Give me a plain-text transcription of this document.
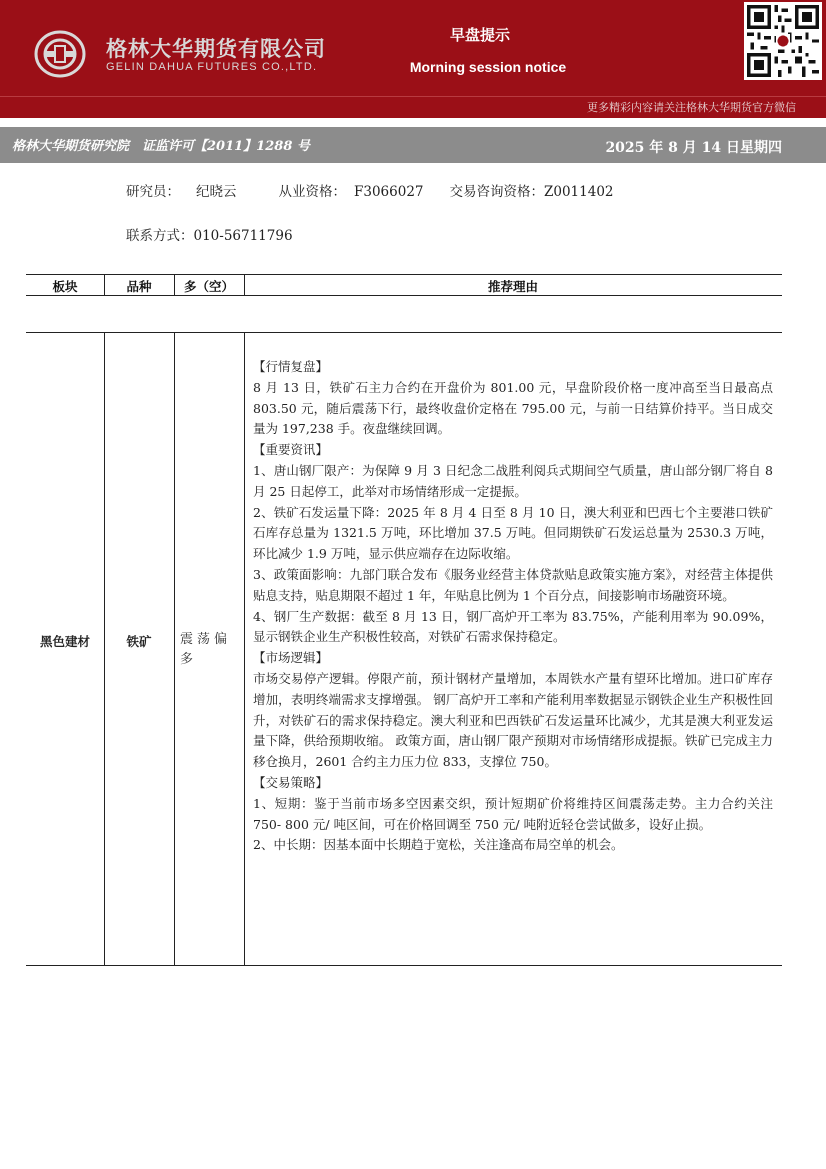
格林大华期货有限公司
GELIN DAHUA FUTURES CO.,LTD.
早盘提示
Morning session notice
更多精彩内容请关注格林大华期货官方微信
格林大华期货研究院　证监许可【2011】1288 号	2025 年 8 月 14 日星期四
研究员： 纪晓云	从业资格： F3066027 交易咨询资格：Z0011402
联系方式：010-56711796
板块	品种	多（空）	推荐理由
黑色建材	铁矿	震荡偏多

【行情复盘】

8 月 13 日，铁矿石主力合约在开盘价为 801.00 元，早盘阶段价格一度冲高至当日最高点 803.50 元，随后震荡下行，最终收盘价定格在 795.00 元，与前一日结算价持平。当日成交量为 197,238 手。夜盘继续回调。

【重要资讯】

1、唐山钢厂限产：为保障 9 月 3 日纪念二战胜利阅兵式期间空气质量，唐山部分钢厂将自 8 月 25 日起停工，此举对市场情绪形成一定提振。

2、铁矿石发运量下降：2025 年 8 月 4 日至 8 月 10 日，澳大利亚和巴西七个主要港口铁矿石库存总量为 1321.5 万吨，环比增加 37.5 万吨。但同期铁矿石发运总量为 2530.3 万吨，环比减少 1.9 万吨，显示供应端存在边际收缩。

3、政策面影响：九部门联合发布《服务业经营主体贷款贴息政策实施方案》，对经营主体提供贴息支持，贴息期限不超过 1 年，年贴息比例为 1 个百分点，间接影响市场融资环境。

4、钢厂生产数据：截至 8 月 13 日，钢厂高炉开工率为 83.75%，产能利用率为 90.09%，显示钢铁企业生产积极性较高，对铁矿石需求保持稳定。

【市场逻辑】

市场交易停产逻辑。停限产前，预计钢材产量增加，本周铁水产量有望环比增加。进口矿库存增加，表明终端需求支撑增强。 钢厂高炉开工率和产能利用率数据显示钢铁企业生产积极性回升，对铁矿石的需求保持稳定。澳大利亚和巴西铁矿石发运量环比减少，尤其是澳大利亚发运量下降，供给预期收缩。 政策方面，唐山钢厂限产预期对市场情绪形成提振。铁矿已完成主力移仓换月，2601 合约主力压力位 833，支撑位 750。

【交易策略】

1、短期：鉴于当前市场多空因素交织，预计短期矿价将维持区间震荡走势。主力合约关注 750- 800 元/ 吨区间，可在价格回调至 750 元/ 吨附近轻仓尝试做多，设好止损。

2、中长期：因基本面中长期趋于宽松，关注逢高布局空单的机会。
